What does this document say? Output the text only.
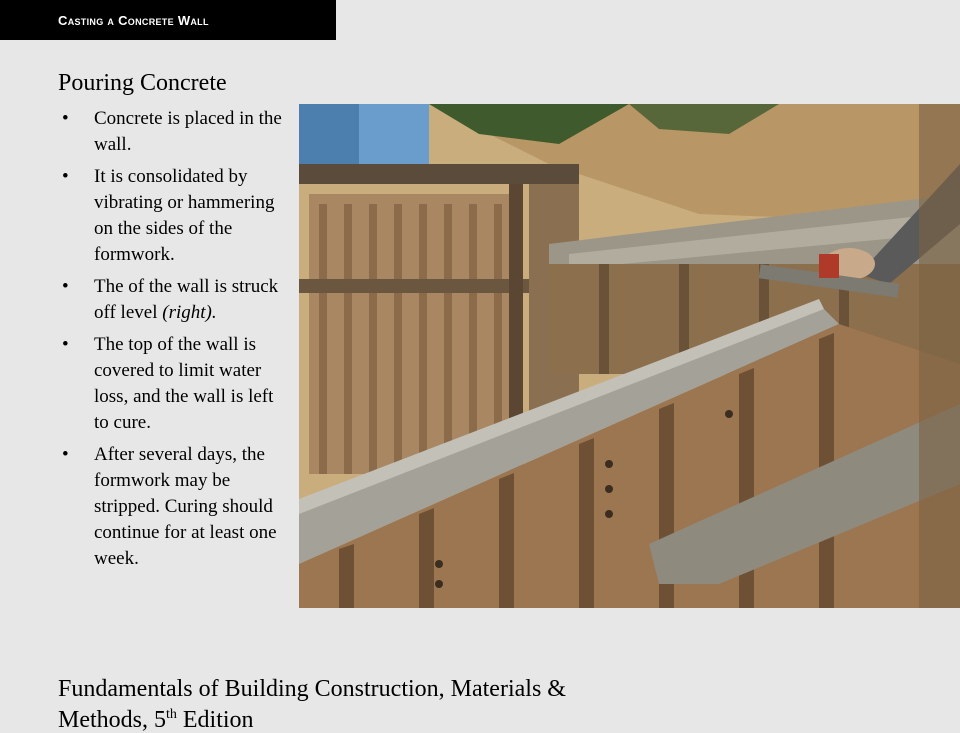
Casting a Concrete Wall
Pouring Concrete
• Concrete is placed in the wall.
• It is consolidated by vibrating or hammering on the sides of the formwork.
• The of the wall is struck off level (right).
• The top of the wall is covered to limit water loss, and the wall is left to cure.
• After several days, the formwork may be stripped. Curing should continue for at least one week.
Fundamentals of Building Construction, Materials & Methods, 5th Edition
